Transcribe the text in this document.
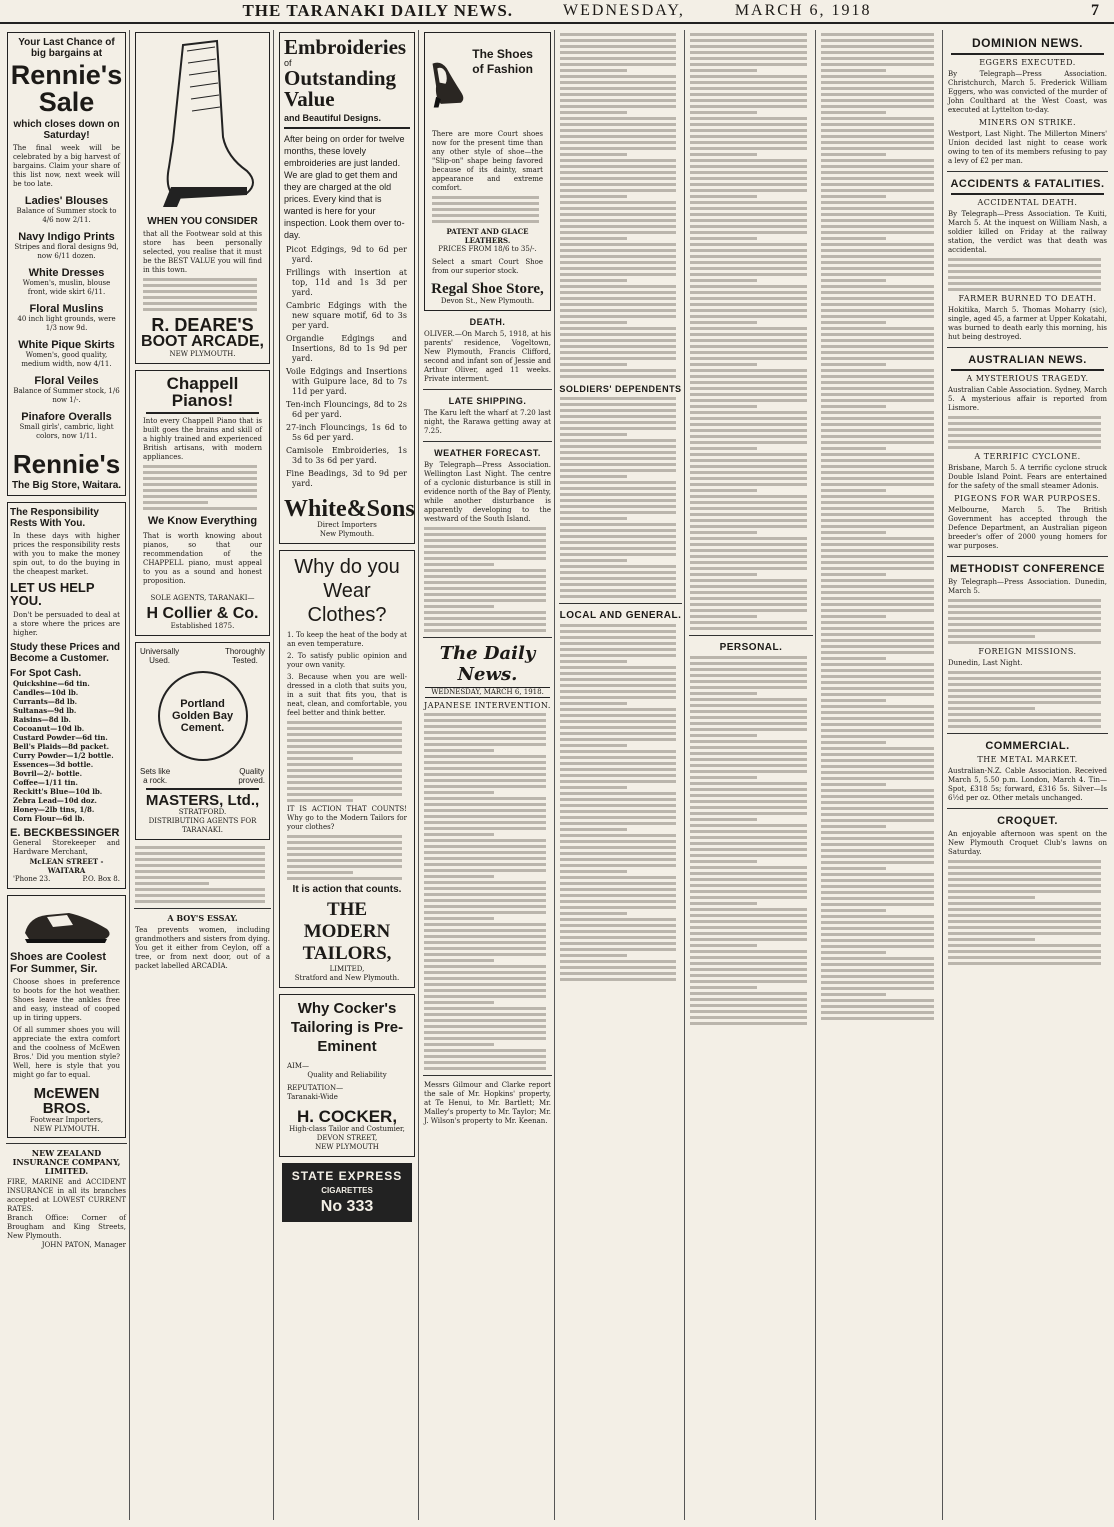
THE TARANAKI DAILY NEWS.	WEDNESDAY,	MARCH 6, 1918	7
Your Last Chance of big bargains at
Rennie's
Sale
which closes down on Saturday!
The final week will be celebrated by a big harvest of bargains. Claim your share of this list now, next week will be too late.
Ladies' Blouses
Balance of Summer stock to 4/6 now 2/11.
Navy Indigo Prints
Stripes and floral designs 9d, now 6/11 dozen.
White Dresses
Women's, muslin, blouse front, wide skirt 6/11.
Floral Muslins
40 inch light grounds, were 1/3 now 9d.
White Pique Skirts
Women's, good quality, medium width, now 4/11.
Floral Veiles
Balance of Summer stock, 1/6 now 1/-.
Pinafore Overalls
Small girls', cambric, light colors, now 1/11.
Rennie's
The Big Store, Waitara.
The Responsibility Rests With You.
In these days with higher prices the responsibility rests with you to make the money spin out, to do the buying in the cheapest market.
LET US HELP YOU.
Don't be persuaded to deal at a store where the prices are higher.
Study these Prices and Become a Customer.
For Spot Cash.
Quickshine—6d tin.
Candles—10d lb.
Currants—8d lb.
Sultanas—9d lb.
Raisins—8d lb.
Cocoanut—10d lb.
Custard Powder—6d tin.
Bell's Plaids—8d packet.
Curry Powder—1/2 bottle.
Essences—3d bottle.
Bovril—2/- bottle.
Coffee—1/11 tin.
Reckitt's Blue—10d lb.
Zebra Lead—10d doz.
Honey—2lb tins, 1/8.
Corn Flour—6d lb.
E. BECKBESSINGER
General Storekeeper and Hardware Merchant,
McLEAN STREET - WAITARA
'Phone 23.	P.O. Box 8.
Shoes are Coolest For Summer, Sir.
Choose shoes in preference to boots for the hot weather. Shoes leave the ankles free and easy, instead of cooped up in tiring uppers.
Of all summer shoes you will appreciate the extra comfort and the coolness of McEwen Bros.' Did you mention style? Well, here is style that you might go far to equal.
McEWEN BROS.
Footwear Importers,
NEW PLYMOUTH.
NEW ZEALAND INSURANCE COMPANY, LIMITED.
FIRE, MARINE and ACCIDENT INSURANCE in all its branches accepted at LOWEST CURRENT RATES.
Branch Office: Corner of Brougham and King Streets, New Plymouth.
JOHN PATON, Manager
WHEN YOU CONSIDER
that all the Footwear sold at this store has been personally selected, you realise that it must be the BEST VALUE you will find in this town.
R. DEARE'S
BOOT ARCADE,
NEW PLYMOUTH.
Chappell Pianos!
Into every Chappell Piano that is built goes the brains and skill of a highly trained and experienced British artisans, with modern appliances.
We Know Everything
That is worth knowing about pianos, so that our recommendation of the CHAPPELL piano, must appeal to you as a sound and honest proposition.
SOLE AGENTS, TARANAKI—
H Collier & Co.
Established 1875.
Universally
Used.
Thoroughly
Tested.
Portland
Golden Bay
Cement.
Sets like
a rock.
Quality
proved.
MASTERS, Ltd.,
STRATFORD.
DISTRIBUTING AGENTS FOR TARANAKI.
A BOY'S ESSAY.
Tea prevents women, including grandmothers and sisters from dying. You get it either from Ceylon, off a tree, or from next door, out of a packet labelled ARCADIA.
Embroideries
of
Outstanding Value
and Beautiful Designs.
After being on order for twelve months, these lovely embroideries are just landed. We are glad to get them and they are charged at the old prices. Every kind that is wanted is here for your inspection. Look them over to-day.
Picot Edgings, 9d to 6d per yard.
Frillings with insertion at top, 11d and 1s 3d per yard.
Cambric Edgings with the new square motif, 6d to 3s per yard.
Organdie Edgings and Insertions, 8d to 1s 9d per yard.
Voile Edgings and Insertions with Guipure lace, 8d to 7s 11d per yard.
Ten-inch Flouncings, 8d to 2s 6d per yard.
27-inch Flouncings, 1s 6d to 5s 6d per yard.
Camisole Embroideries, 1s 3d to 3s 6d per yard.
Fine Beadings, 3d to 9d per yard.
White&Sons
Direct Importers
New Plymouth.
Why do you Wear Clothes?
1. To keep the heat of the body at an even temperature.
2. To satisfy public opinion and your own vanity.
3. Because when you are well-dressed in a cloth that suits you, in a suit that fits you, that is neat, clean, and comfortable, you feel better and think better.
IT IS ACTION THAT COUNTS! Why go to the Modern Tailors for your clothes?
It is action that counts.
THE MODERN TAILORS,
LIMITED,
Stratford and New Plymouth.
Why Cocker's Tailoring is Pre-Eminent
AIM—
Quality and Reliability
REPUTATION—
Taranaki-Wide
H. COCKER,
High-class Tailor and Costumier,
DEVON STREET,
NEW PLYMOUTH
STATE EXPRESS
CIGARETTES
No 333
The Shoes of Fashion
There are more Court shoes now for the present time than any other style of shoe—the "Slip-on" shape being favored because of its dainty, smart appearance and extreme comfort.
PATENT AND GLACE LEATHERS.
PRICES FROM 18/6 to 35/-.
Select a smart Court Shoe from our superior stock.
Regal Shoe Store,
Devon St., New Plymouth.
DEATH.
OLIVER.—On March 5, 1918, at his parents' residence, Vogeltown, New Plymouth, Francis Clifford, second and infant son of Jessie and Arthur Oliver, aged 11 weeks. Private interment.
LATE SHIPPING.
The Karu left the wharf at 7.20 last night, the Rarawa getting away at 7.25.
WEATHER FORECAST.
By Telegraph—Press Association. Wellington Last Night. The centre of a cyclonic disturbance is still in evidence north of the Bay of Plenty, while another disturbance is apparently developing to the westward of the South Island.
The Daily News.
WEDNESDAY, MARCH 6, 1918.
JAPANESE INTERVENTION.
Messrs Gilmour and Clarke report the sale of Mr. Hopkins' property, at Te Henui, to Mr. Bartlett; Mr. Malley's property to Mr. Taylor; Mr. J. Wilson's property to Mr. Keenan.
SOLDIERS' DEPENDENTS
LOCAL AND GENERAL.
PERSONAL.
DOMINION NEWS.
EGGERS EXECUTED.
By Telegraph—Press Association. Christchurch, March 5. Frederick William Eggers, who was convicted of the murder of John Coulthard at the West Coast, was executed at Lyttelton to-day.
MINERS ON STRIKE.
Westport, Last Night. The Millerton Miners' Union decided last night to cease work owing to ten of its members refusing to pay a levy of £2 per man.
ACCIDENTS & FATALITIES.
ACCIDENTAL DEATH.
By Telegraph—Press Association. Te Kuiti, March 5. At the inquest on William Nash, a soldier killed on Friday at the railway station, the verdict was that death was accidental.
FARMER BURNED TO DEATH.
Hokitika, March 5. Thomas Moharry (sic), single, aged 45, a farmer at Upper Kokatahi, was burned to death early this morning, his hut being destroyed.
AUSTRALIAN NEWS.
A MYSTERIOUS TRAGEDY.
Australian Cable Association. Sydney, March 5. A mysterious affair is reported from Lismore.
A TERRIFIC CYCLONE.
Brisbane, March 5. A terrific cyclone struck Double Island Point. Fears are entertained for the safety of the small steamer Adonis.
PIGEONS FOR WAR PURPOSES.
Melbourne, March 5. The British Government has accepted through the Defence Department, an Australian pigeon breeder's offer of 2000 young homers for war purposes.
METHODIST CONFERENCE
By Telegraph—Press Association. Dunedin, March 5.
FOREIGN MISSIONS.
Dunedin, Last Night.
COMMERCIAL.
THE METAL MARKET.
Australian-N.Z. Cable Association. Received March 5, 5.50 p.m. London, March 4. Tin—Spot, £318 5s; forward, £316 5s. Silver—Is 6½d per oz. Other metals unchanged.
CROQUET.
An enjoyable afternoon was spent on the New Plymouth Croquet Club's lawns on Saturday.
